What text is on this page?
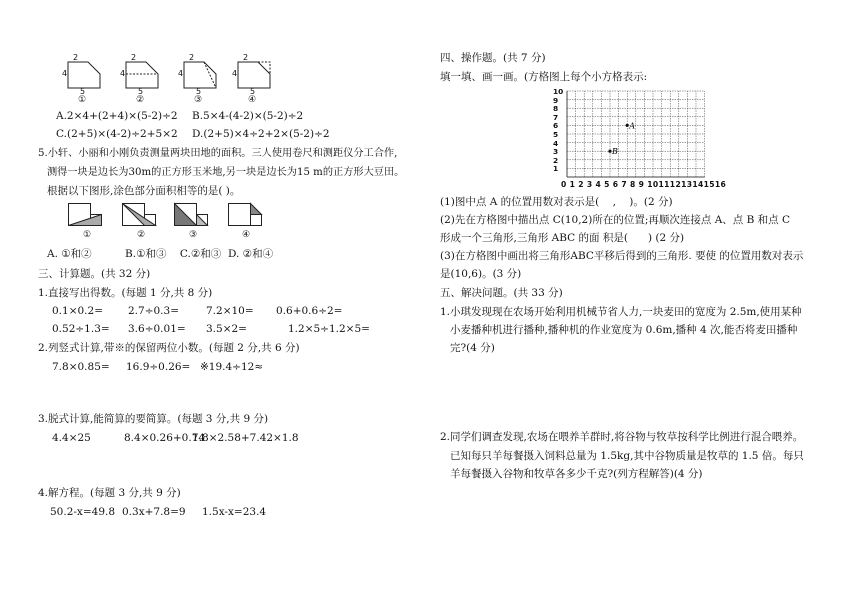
2
4
5
①
2
4
5
②
2
4
5
③
2
4
5
④
A.2×4+(2+4)×(5-2)÷2 B.5×4-(4-2)×(5-2)÷2
C.(2+5)×(4-2)÷2+5×2 D.(2+5)×4÷2+2×(5-2)÷2
5.小轩、小丽和小刚负责测量两块田地的面积。三人使用卷尺和测距仪分工合作,
测得一块是边长为30m的正方形玉米地,另一块是边长为15 m的正方形大豆田。
根据以下图形,涂色部分面积相等的是( )。
①	②	③	④
A. ①和②          B.①和③    C.②和③  D. ②和④
三、计算题。(共 32 分)
1.直接写出得数。(每题 1 分,共 8 分)
0.1×0.2= 2.7÷0.3=	7.2×10= 0.6+0.6÷2=
0.52÷1.3= 3.6÷0.01= 3.5×2=	1.2×5÷1.2×5=
2.列竖式计算,带※的保留两位小数。(每题 2 分,共 6 分)
7.8×0.85= 16.9÷0.26= ※19.4÷12≈
3.脱式计算,能简算的要简算。(每题 3 分,共 9 分)
4.4×25	8.4×0.26+0.74
1.8×2.58+7.42×1.8
4.解方程。(每题 3 分,共 9 分)
50.2-x=49.8 0.3x+7.8=9 1.5x-x=23.4
四、操作题。(共 7 分)
填一填、画一画。(方格图上每个小方格表示:
A
B
0 1 2 3 4 5 6 7 8 9 10111213141516
10
9
8
7
6
5
4
3
2
1
(1)图中点 A 的位置用数对表示是(    ,    )。(2 分)
(2)先在方格图中描出点 C(10,2)所在的位置;再顺次连接点 A、点 B 和点 C
形成一个三角形,三角形 ABC 的面 积是(      ) (2 分)
(3)在方格图中画出将三角形ABC平移后得到的三角形. 要使 的位置用数对表示
是(10,6)。(3 分)
五、解决问题。(共 33 分)
1.小琪发现现在农场开始利用机械节省人力,一块麦田的宽度为 2.5m,使用某种
小麦播种机进行播种,播种机的作业宽度为 0.6m,播种 4 次,能否将麦田播种
完?(4 分)
2.同学们调查发现,农场在喂养羊群时,将谷物与牧草按科学比例进行混合喂养。
已知每只羊每餐摄入饲料总量为 1.5kg,其中谷物质量是牧草的 1.5 倍。每只
羊每餐摄入谷物和牧草各多少千克?(列方程解答)(4 分)
